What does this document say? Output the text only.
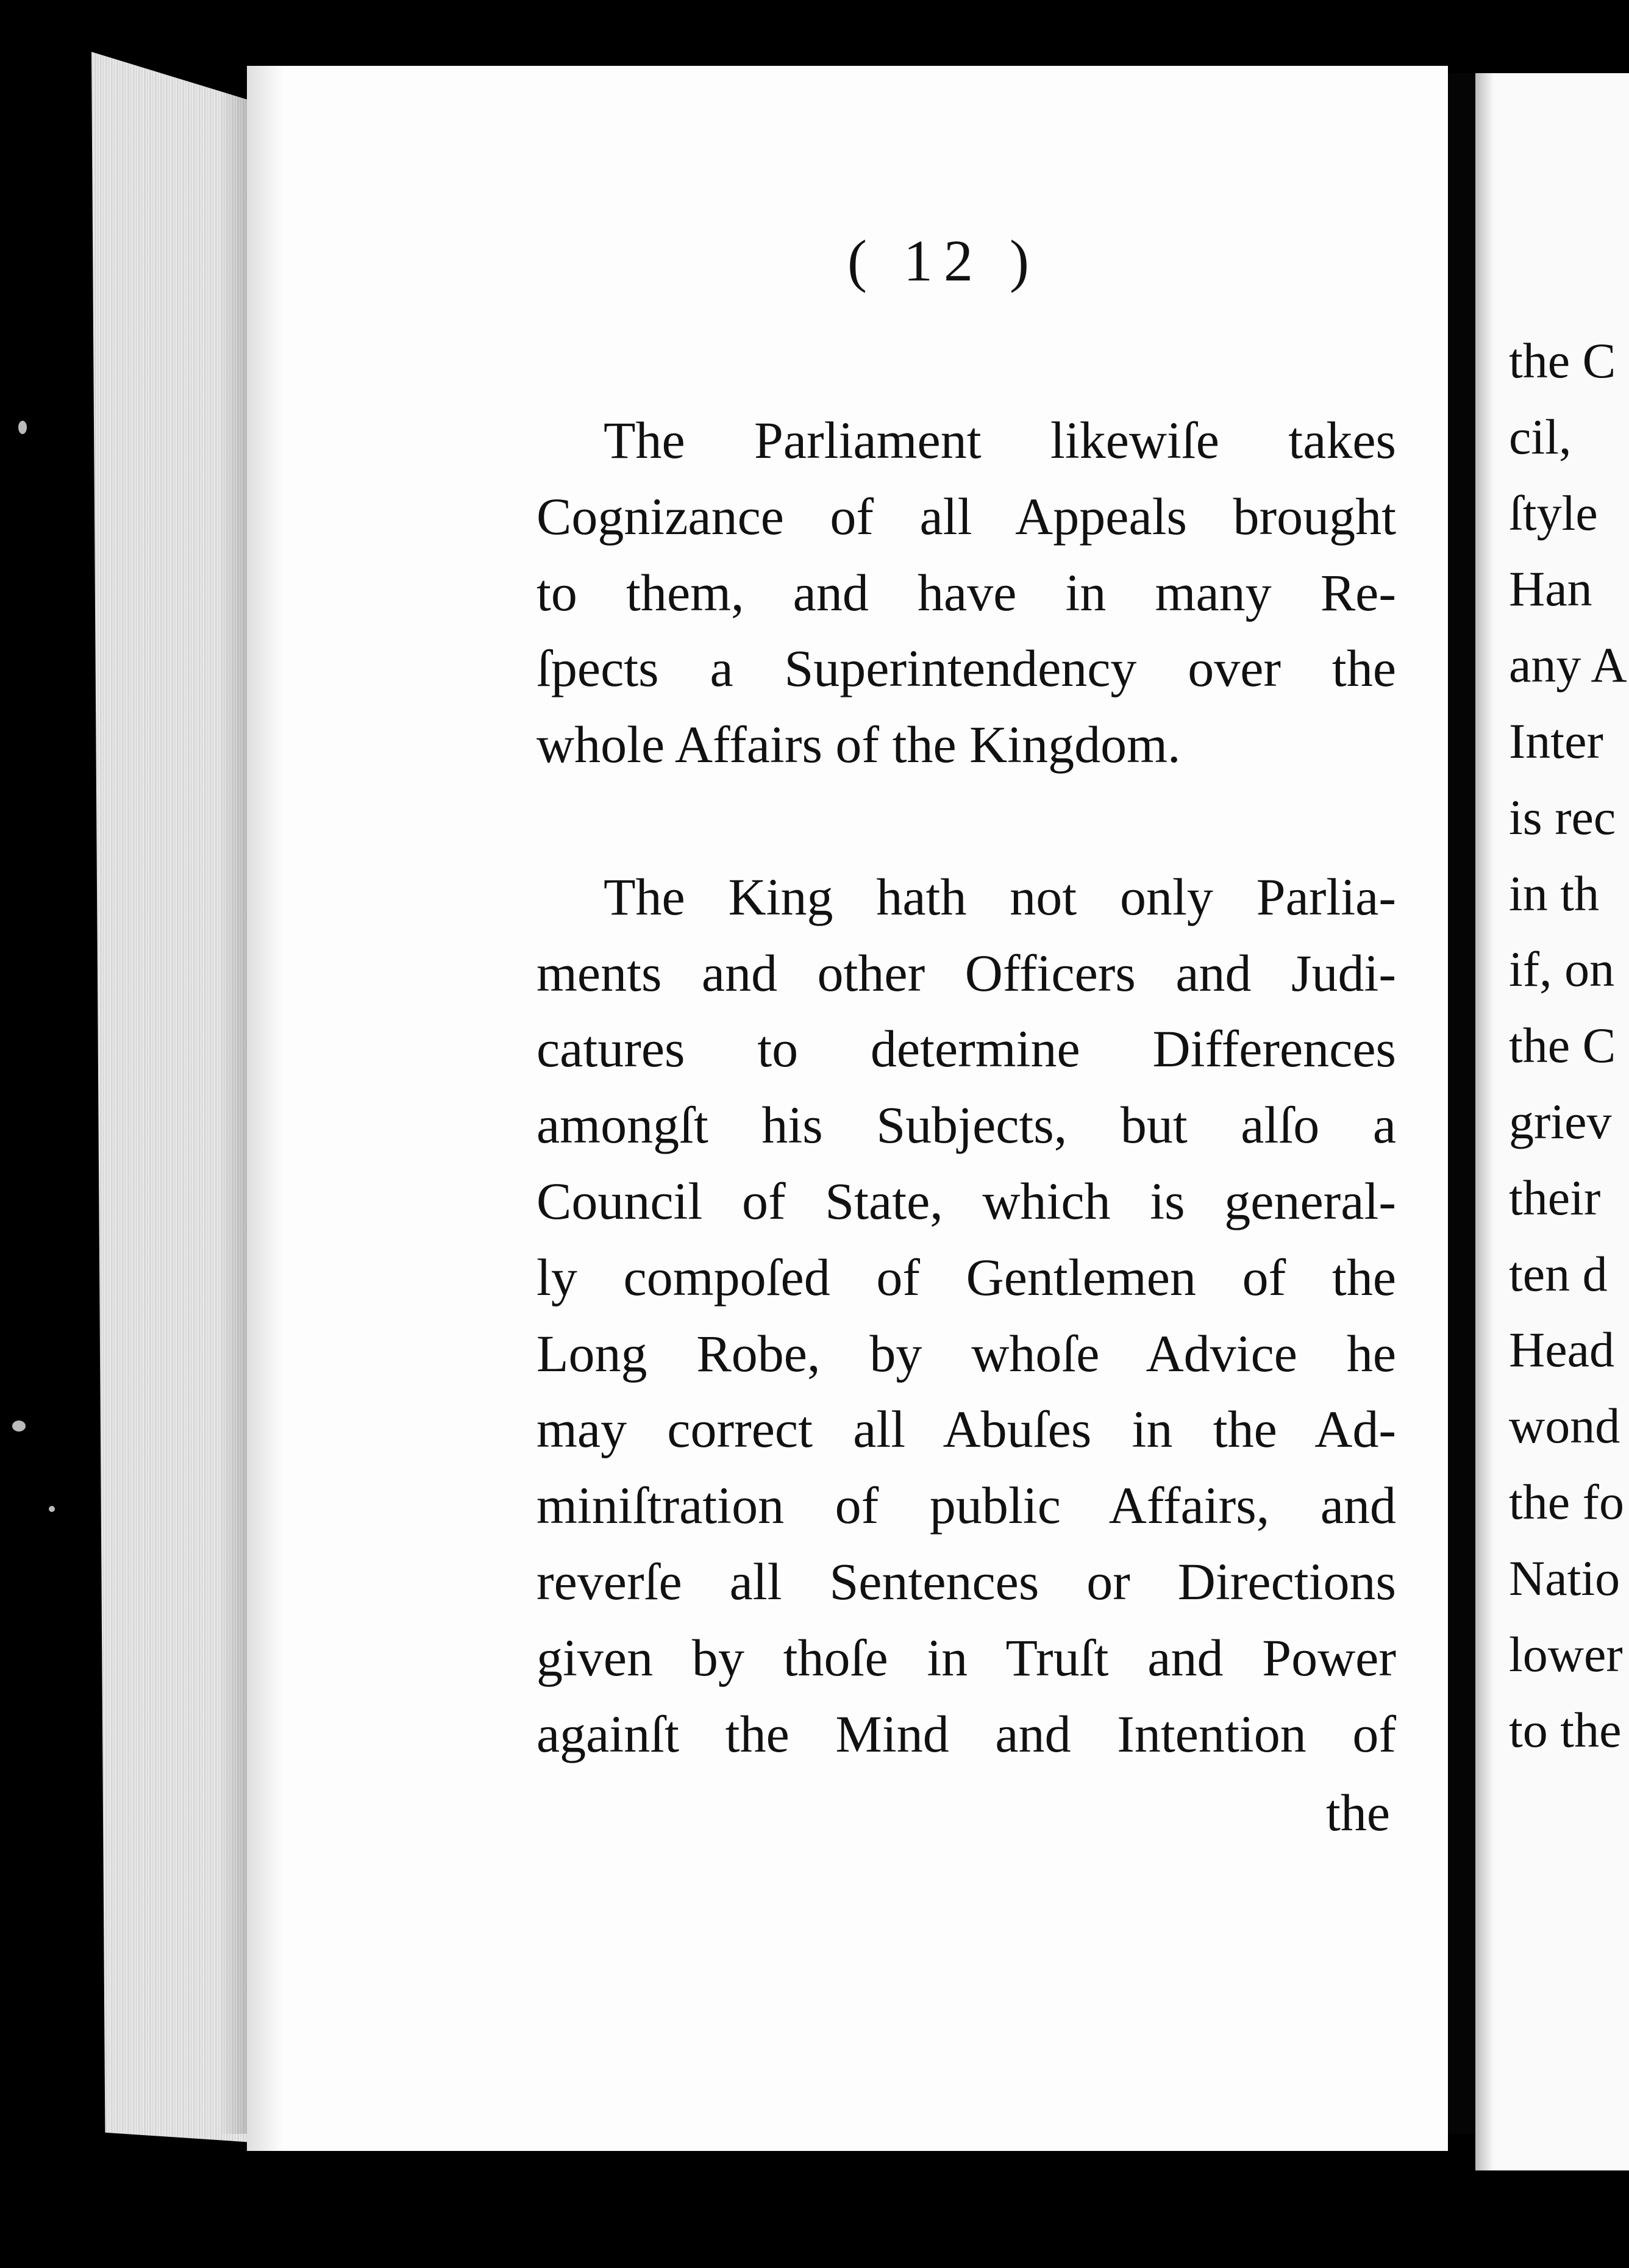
the C
cil,
ſtyle
Han
any A
Inter
is rec
in th
if, on
the C
griev
their
ten d
Head
wond
the fo
Natio
lower
to the

( 12 )

The Parliament likewiſe takes
Cognizance of all Appeals brought
to them, and have in many Re-
ſpects a Superintendency over the
whole Affairs of the Kingdom.

The King hath not only Parlia-
ments and other Officers and Judi-
catures to determine Differences
amongſt his Subjects, but alſo a
Council of State, which is general-
ly compoſed of Gentlemen of the
Long Robe, by whoſe Advice he
may correct all Abuſes in the Ad-
miniſtration of public Affairs, and
reverſe all Sentences or Directions
given by thoſe in Truſt and Power
againſt the Mind and Intention of

the
